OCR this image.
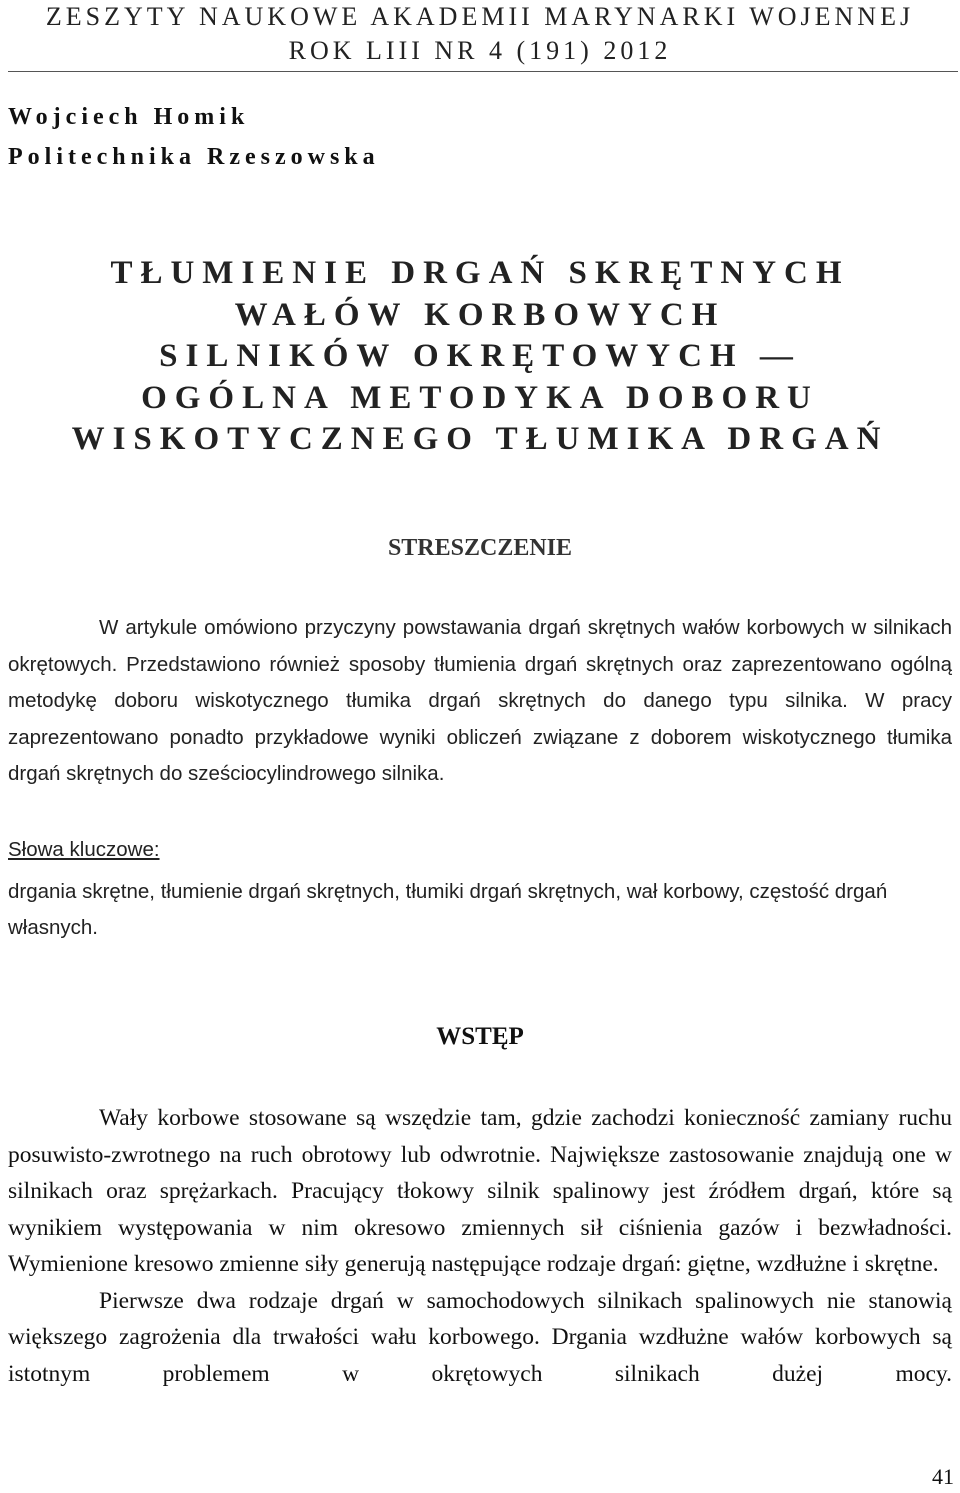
ZESZYTY NAUKOWE AKADEMII MARYNARKI WOJENNEJ
ROK LIII NR 4 (191) 2012
Wojciech Homik
Politechnika Rzeszowska
TŁUMIENIE DRGAŃ SKRĘTNYCH
WAŁÓW KORBOWYCH
SILNIKÓW OKRĘTOWYCH —
OGÓLNA METODYKA DOBORU
WISKOTYCZNEGO TŁUMIKA DRGAŃ
STRESZCZENIE

W artykule omówiono przyczyny powstawania drgań skrętnych wałów korbowych w silnikach okrętowych. Przedstawiono również sposoby tłumienia drgań skrętnych oraz zaprezentowano ogólną metodykę doboru wiskotycznego tłumika drgań skrętnych do danego typu silnika. W pracy zaprezentowano ponadto przykładowe wyniki obliczeń związane z doborem wiskotycznego tłumika drgań skrętnych do sześciocylindrowego silnika.

Słowa kluczowe:
drgania skrętne, tłumienie drgań skrętnych, tłumiki drgań skrętnych, wał korbowy, częstość drgań własnych.
WSTĘP

Wały korbowe stosowane są wszędzie tam, gdzie zachodzi konieczność zamiany ruchu posuwisto-zwrotnego na ruch obrotowy lub odwrotnie. Największe zastosowanie znajdują one w silnikach oraz sprężarkach. Pracujący tłokowy silnik spalinowy jest źródłem drgań, które są wynikiem występowania w nim okresowo zmiennych sił ciśnienia gazów i bezwładności. Wymienione kresowo zmienne siły generują następujące rodzaje drgań: giętne, wzdłużne i skrętne.

Pierwsze dwa rodzaje drgań w samochodowych silnikach spalinowych nie stanowią większego zagrożenia dla trwałości wału korbowego. Drgania wzdłużne wałów korbowych są istotnym problemem w okrętowych silnikach dużej mocy.

41
